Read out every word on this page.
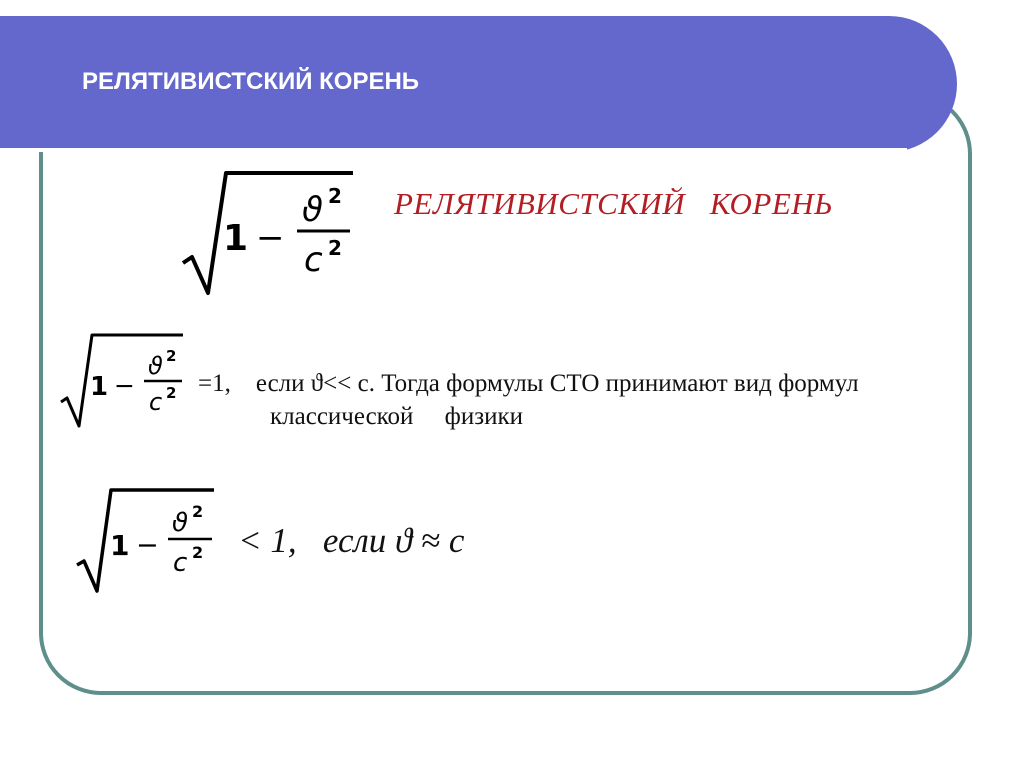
РЕЛЯТИВИСТСКИЙ КОРЕНЬ
1 −
ϑ 2
c 2
РЕЛЯТИВИСТСКИЙ   КОРЕНЬ
1 −
ϑ 2
c 2 =1,    если ϑ<< c. Тогда формулы СТО принимают вид формул
классической     физики
1 −
ϑ 2
c 2 < 1,   если ϑ ≈ c
